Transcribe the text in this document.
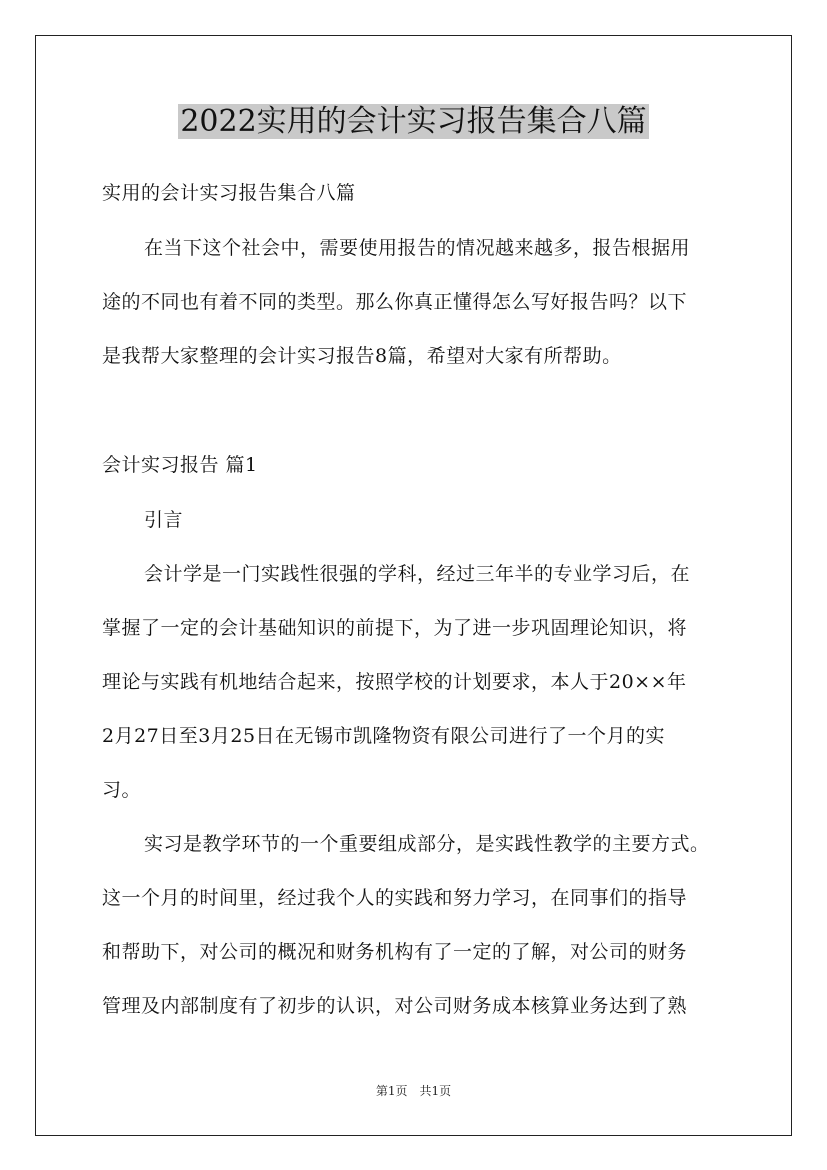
2022实用的会计实习报告集合八篇
实用的会计实习报告集合八篇
在当下这个社会中，需要使用报告的情况越来越多，报告根据用
途的不同也有着不同的类型。那么你真正懂得怎么写好报告吗？以下
是我帮大家整理的会计实习报告8篇，希望对大家有所帮助。
会计实习报告 篇1
引言
会计学是一门实践性很强的学科，经过三年半的专业学习后，在
掌握了一定的会计基础知识的前提下，为了进一步巩固理论知识，将
理论与实践有机地结合起来，按照学校的计划要求，本人于20××年
2月27日至3月25日在无锡市凯隆物资有限公司进行了一个月的实
习。
实习是教学环节的一个重要组成部分，是实践性教学的主要方式。
这一个月的时间里，经过我个人的实践和努力学习，在同事们的指导
和帮助下，对公司的概况和财务机构有了一定的了解，对公司的财务
管理及内部制度有了初步的认识，对公司财务成本核算业务达到了熟
第1页　共1页
